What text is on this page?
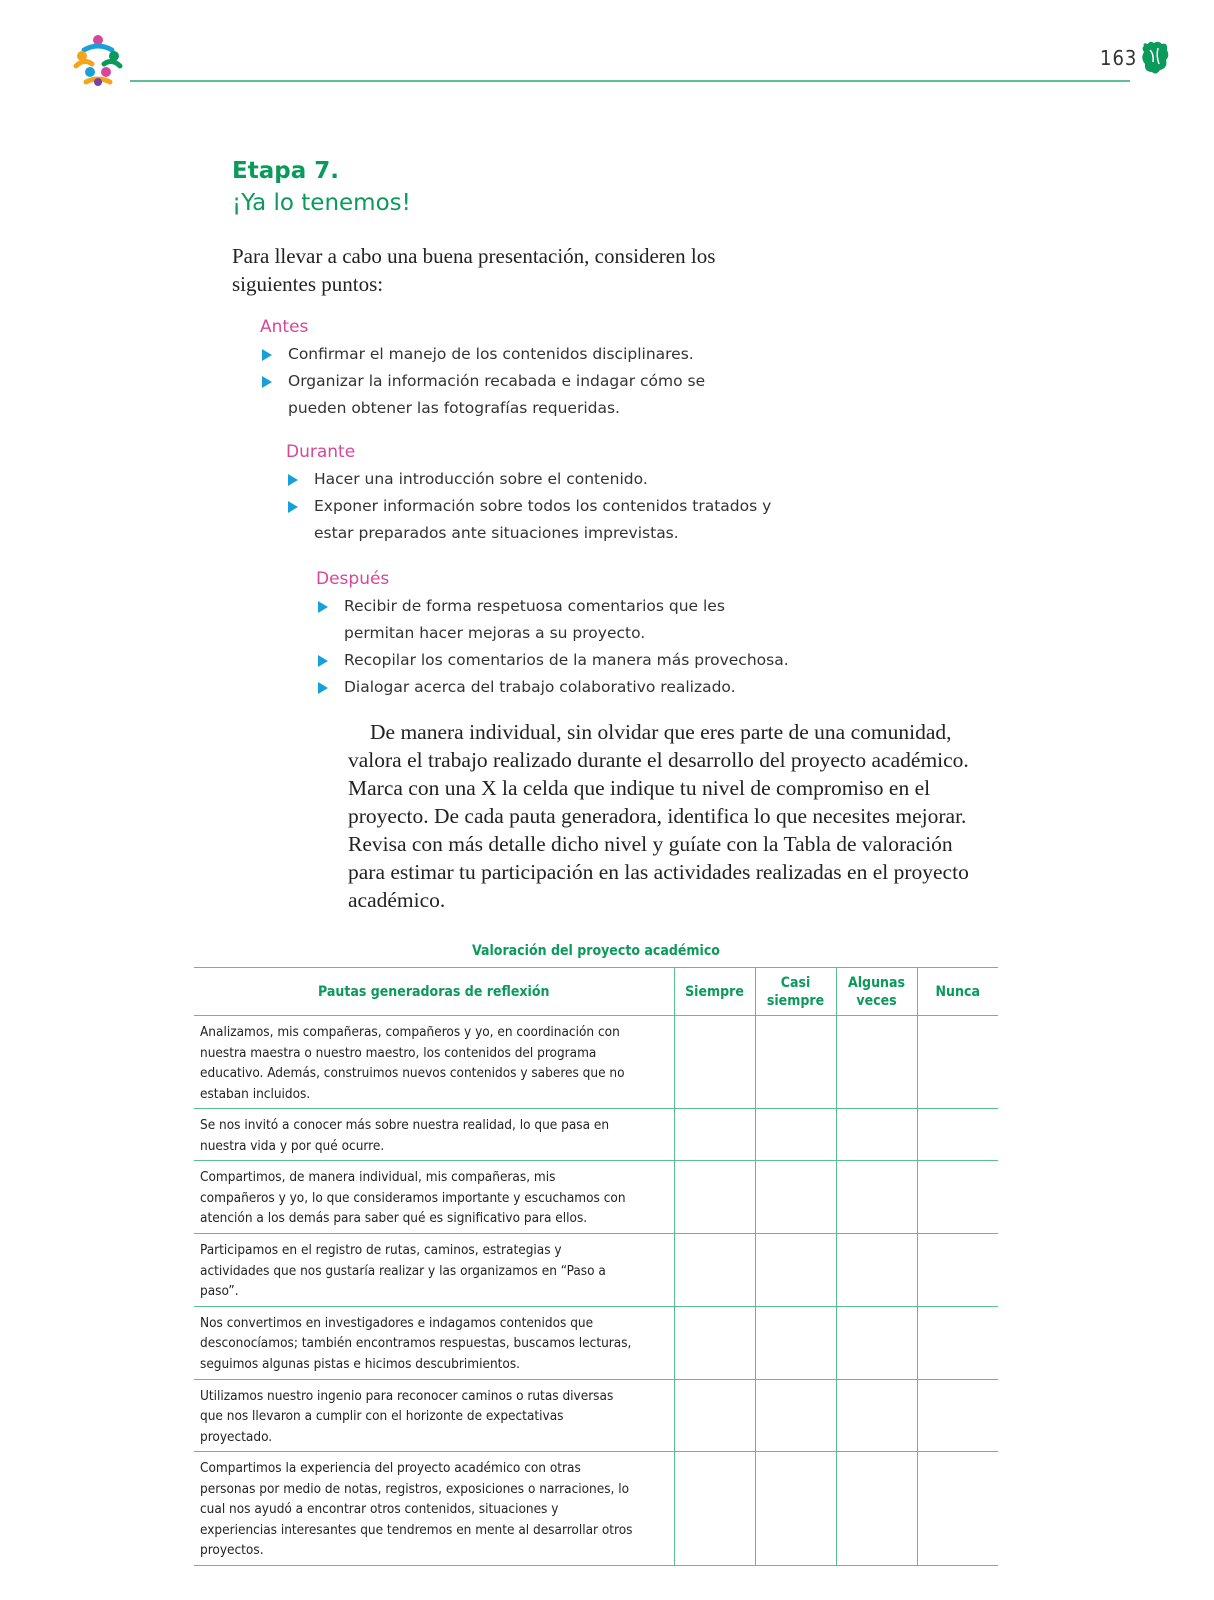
163
Etapa 7.
¡Ya lo tenemos!

Para llevar a cabo una buena presentación, consideren los siguientes puntos:

Antes
Confirmar el manejo de los contenidos disciplinares.
Organizar la información recabada e indagar cómo se pueden obtener las fotografías requeridas.
Durante
Hacer una introducción sobre el contenido.
Exponer información sobre todos los contenidos tratados y estar preparados ante situaciones imprevistas.
Después
Recibir de forma respetuosa comentarios que les permitan hacer mejoras a su proyecto.
Recopilar los comentarios de la manera más provechosa.
Dialogar acerca del trabajo colaborativo realizado.

De manera individual, sin olvidar que eres parte de una comunidad, valora el trabajo realizado durante el desarrollo del proyecto académico. Marca con una X la celda que indique tu nivel de compromiso en el proyecto. De cada pauta generadora, identifica lo que necesites mejorar. Revisa con más detalle dicho nivel y guíate con la Tabla de valoración para estimar tu participación en las actividades realizadas en el proyecto académico.

Valoración del proyecto académico
Pautas generadoras de reflexión	Siempre	Casi siempre	Algunas veces	Nunca
Analizamos, mis compañeras, compañeros y yo, en coordinación con nuestra maestra o nuestro maestro, los contenidos del programa educativo. Además, construimos nuevos contenidos y saberes que no estaban incluidos.				
Se nos invitó a conocer más sobre nuestra realidad, lo que pasa en nuestra vida y por qué ocurre.				
Compartimos, de manera individual, mis compañeras, mis compañeros y yo, lo que consideramos importante y escuchamos con atención a los demás para saber qué es significativo para ellos.				
Participamos en el registro de rutas, caminos, estrategias y actividades que nos gustaría realizar y las organizamos en “Paso a paso”.				
Nos convertimos en investigadores e indagamos contenidos que desconocíamos; también encontramos respuestas, buscamos lecturas, seguimos algunas pistas e hicimos descubrimientos.				
Utilizamos nuestro ingenio para reconocer caminos o rutas diversas que nos llevaron a cumplir con el horizonte de expectativas proyectado.				
Compartimos la experiencia del proyecto académico con otras personas por medio de notas, registros, exposiciones o narraciones, lo cual nos ayudó a encontrar otros contenidos, situaciones y experiencias interesantes que tendremos en mente al desarrollar otros proyectos.				
